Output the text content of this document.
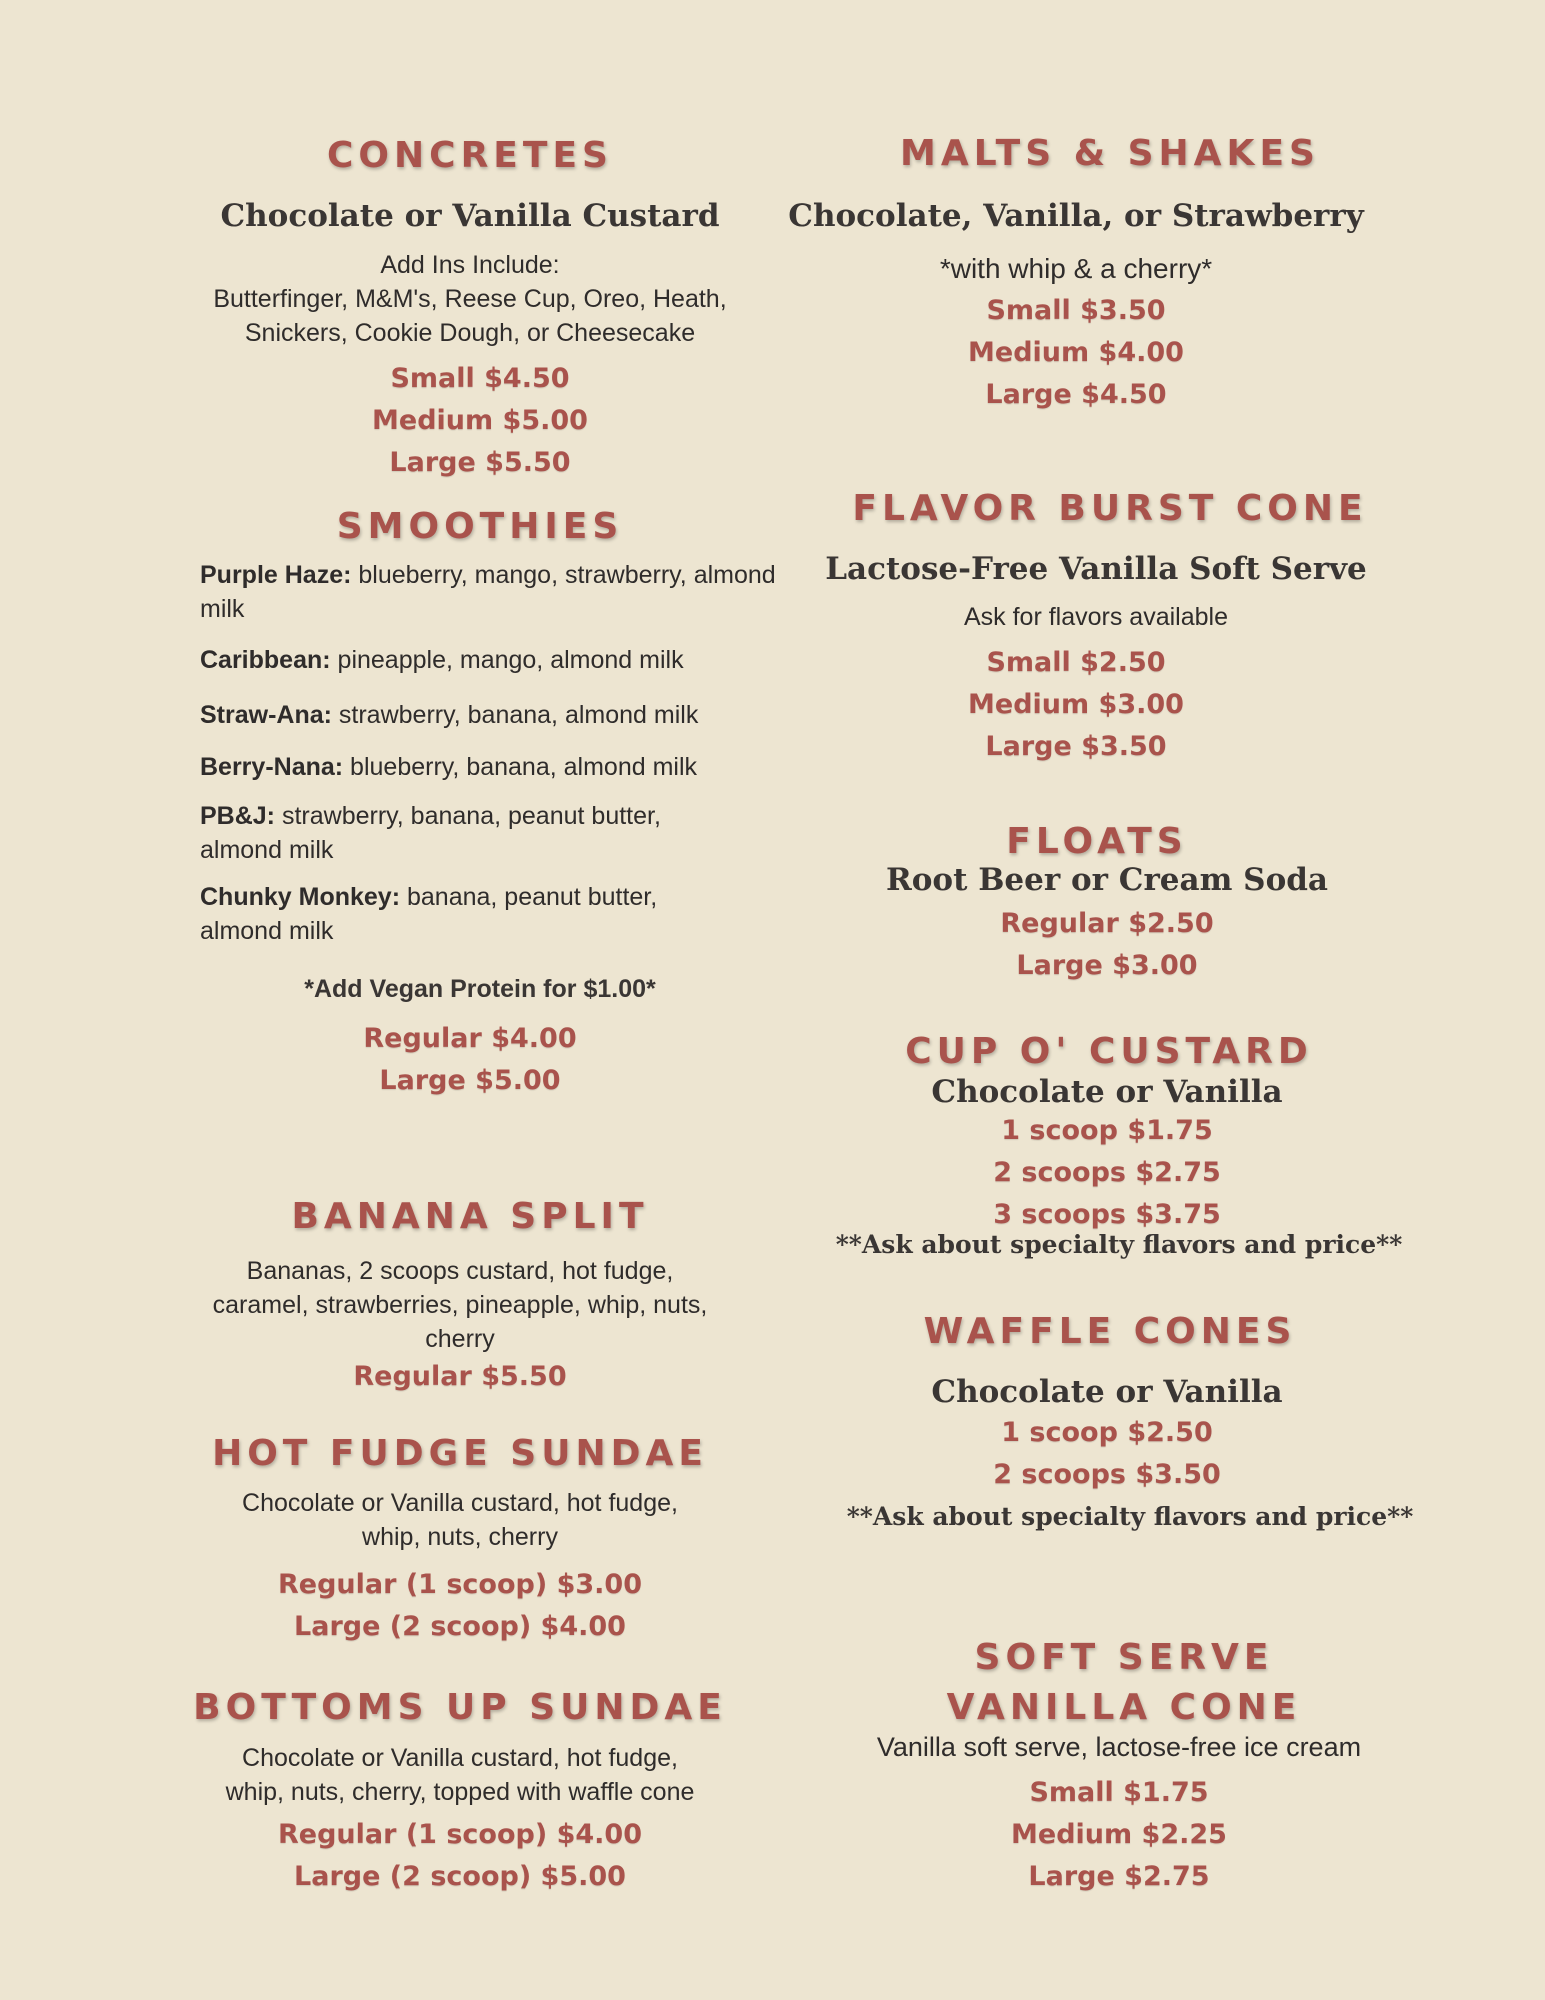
CONCRETES
Chocolate or Vanilla Custard
Add Ins Include:
Butterfinger, M&M's, Reese Cup, Oreo, Heath,
Snickers, Cookie Dough, or Cheesecake
Small $4.50
Medium $5.00
Large $5.50
SMOOTHIES
Purple Haze: blueberry, mango, strawberry, almond milk
Caribbean: pineapple, mango, almond milk
Straw-Ana: strawberry, banana, almond milk
Berry-Nana: blueberry, banana, almond milk
PB&J: strawberry, banana, peanut butter, almond milk
Chunky Monkey: banana, peanut butter, almond milk
*Add Vegan Protein for $1.00*
Regular $4.00
Large $5.00
BANANA SPLIT
Bananas, 2 scoops custard, hot fudge,
caramel, strawberries, pineapple, whip, nuts,
cherry
Regular $5.50
HOT FUDGE SUNDAE
Chocolate or Vanilla custard, hot fudge,
whip, nuts, cherry
Regular (1 scoop) $3.00
Large (2 scoop) $4.00
BOTTOMS UP SUNDAE
Chocolate or Vanilla custard, hot fudge,
whip, nuts, cherry, topped with waffle cone
Regular (1 scoop) $4.00
Large (2 scoop) $5.00
MALTS & SHAKES
Chocolate, Vanilla, or Strawberry
*with whip & a cherry*
Small $3.50
Medium $4.00
Large $4.50
FLAVOR BURST CONE
Lactose-Free Vanilla Soft Serve
Ask for flavors available
Small $2.50
Medium $3.00
Large $3.50
FLOATS
Root Beer or Cream Soda
Regular $2.50
Large $3.00
CUP O' CUSTARD
Chocolate or Vanilla
1 scoop $1.75
2 scoops $2.75
3 scoops $3.75
**Ask about specialty flavors and price**
WAFFLE CONES
Chocolate or Vanilla
1 scoop $2.50
2 scoops $3.50
**Ask about specialty flavors and price**
SOFT SERVE
VANILLA CONE
Vanilla soft serve, lactose-free ice cream
Small $1.75
Medium $2.25
Large $2.75
